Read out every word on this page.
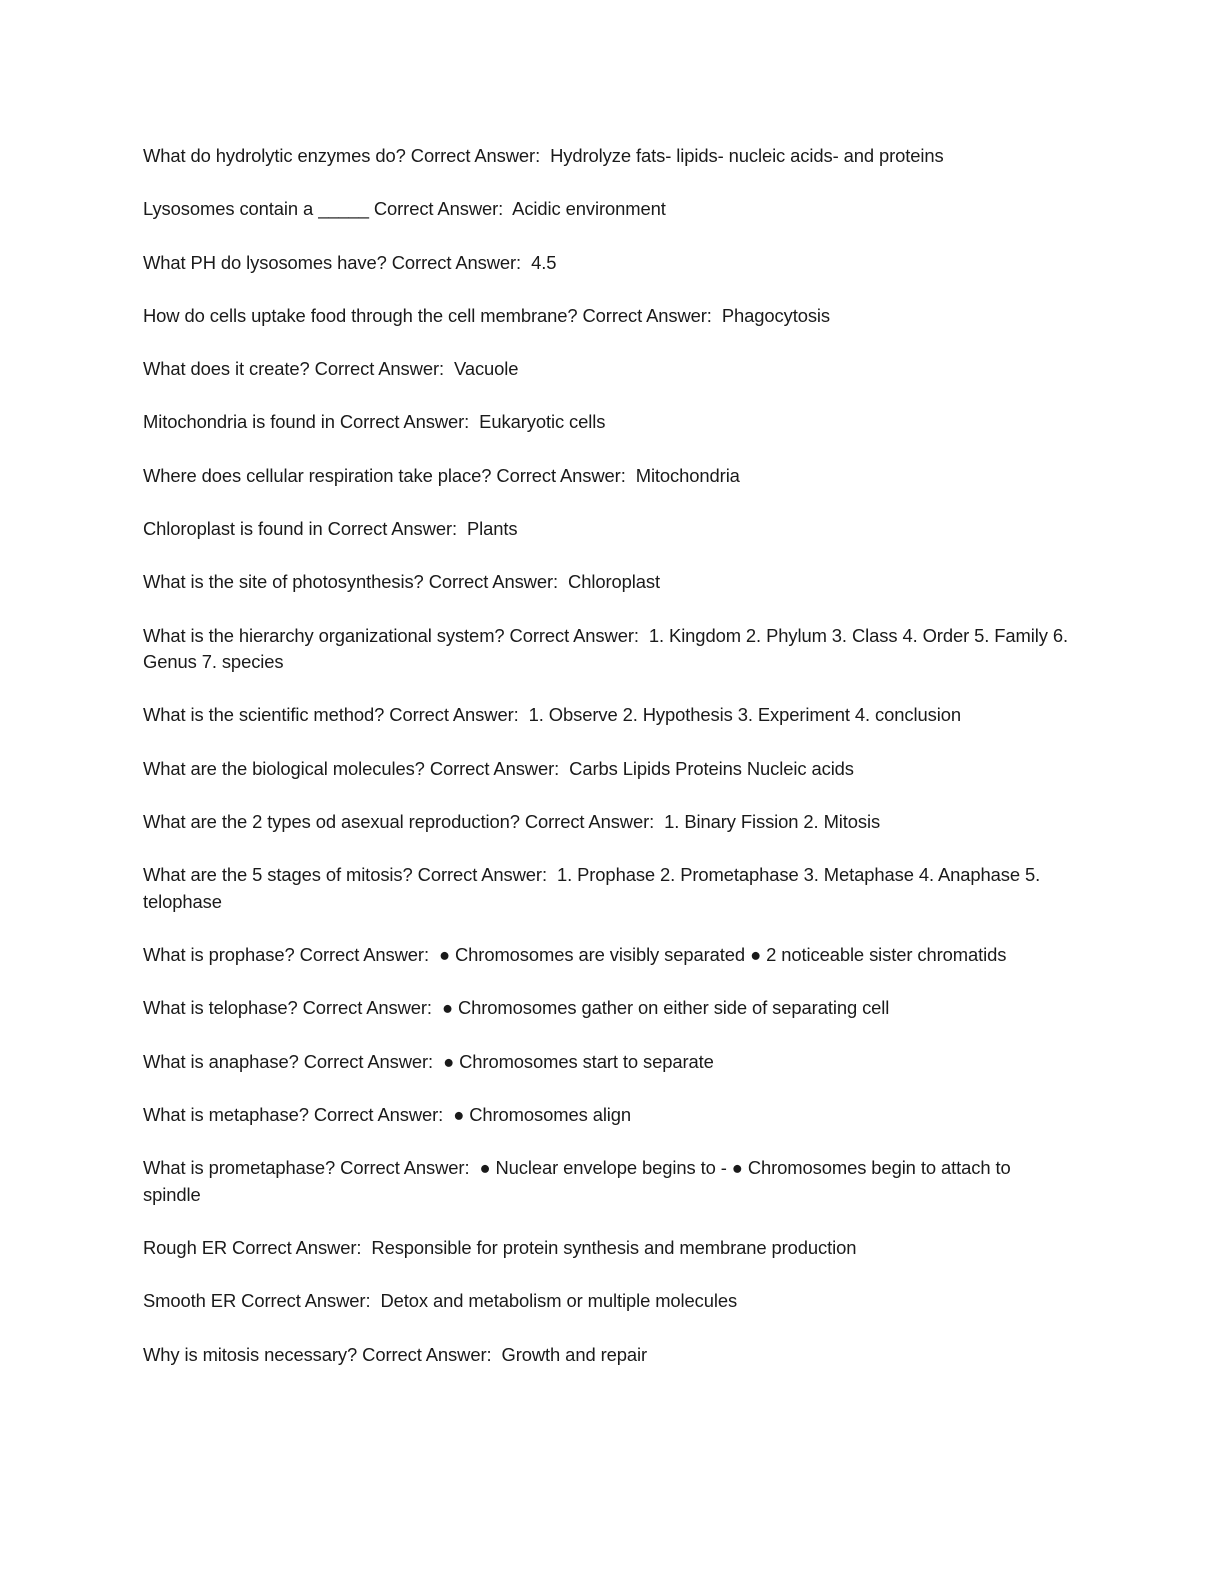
What do hydrolytic enzymes do? Correct Answer:  Hydrolyze fats- lipids- nucleic acids- and proteins
Lysosomes contain a _____ Correct Answer:  Acidic environment
What PH do lysosomes have? Correct Answer:  4.5
How do cells uptake food through the cell membrane? Correct Answer:  Phagocytosis
What does it create? Correct Answer:  Vacuole
Mitochondria is found in Correct Answer:  Eukaryotic cells
Where does cellular respiration take place? Correct Answer:  Mitochondria
Chloroplast is found in Correct Answer:  Plants
What is the site of photosynthesis? Correct Answer:  Chloroplast
What is the hierarchy organizational system? Correct Answer:  1. Kingdom 2. Phylum 3. Class 4. Order 5. Family 6. Genus 7. species
What is the scientific method? Correct Answer:  1. Observe 2. Hypothesis 3. Experiment 4. conclusion
What are the biological molecules? Correct Answer:  Carbs Lipids Proteins Nucleic acids
What are the 2 types od asexual reproduction? Correct Answer:  1. Binary Fission 2. Mitosis
What are the 5 stages of mitosis? Correct Answer:  1. Prophase 2. Prometaphase 3. Metaphase 4. Anaphase 5. telophase
What is prophase? Correct Answer:  ● Chromosomes are visibly separated ● 2 noticeable sister chromatids
What is telophase? Correct Answer:  ● Chromosomes gather on either side of separating cell
What is anaphase? Correct Answer:  ● Chromosomes start to separate
What is metaphase? Correct Answer:  ● Chromosomes align
What is prometaphase? Correct Answer:  ● Nuclear envelope begins to - ● Chromosomes begin to attach to spindle
Rough ER Correct Answer:  Responsible for protein synthesis and membrane production
Smooth ER Correct Answer:  Detox and metabolism or multiple molecules
Why is mitosis necessary? Correct Answer:  Growth and repair
